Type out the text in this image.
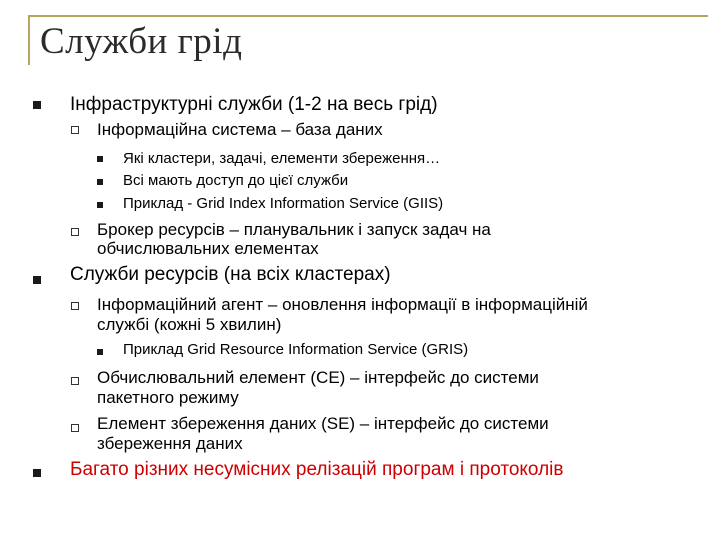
Служби грід
Інфраструктурні служби (1-2 на весь грід)
Інформаційна система – база даних
Які кластери, задачі, елементи збереження…
Всі мають доступ до цієї служби
Приклад - Grid Index Information Service (GIIS)
Брокер ресурсів – планувальник і запуск задач на
обчислювальних елементах
Служби ресурсів (на всіх кластерах)
Інформаційний агент – оновлення інформації в інформаційній
службі (кожні 5 хвилин)
Приклад Grid Resource Information Service (GRIS)
Обчислювальний елемент (CE) – інтерфейс до системи
пакетного режиму
Елемент збереження даних (SE) – інтерфейс до системи
збереження даних
Багато різних несумісних релізацій програм і протоколів
